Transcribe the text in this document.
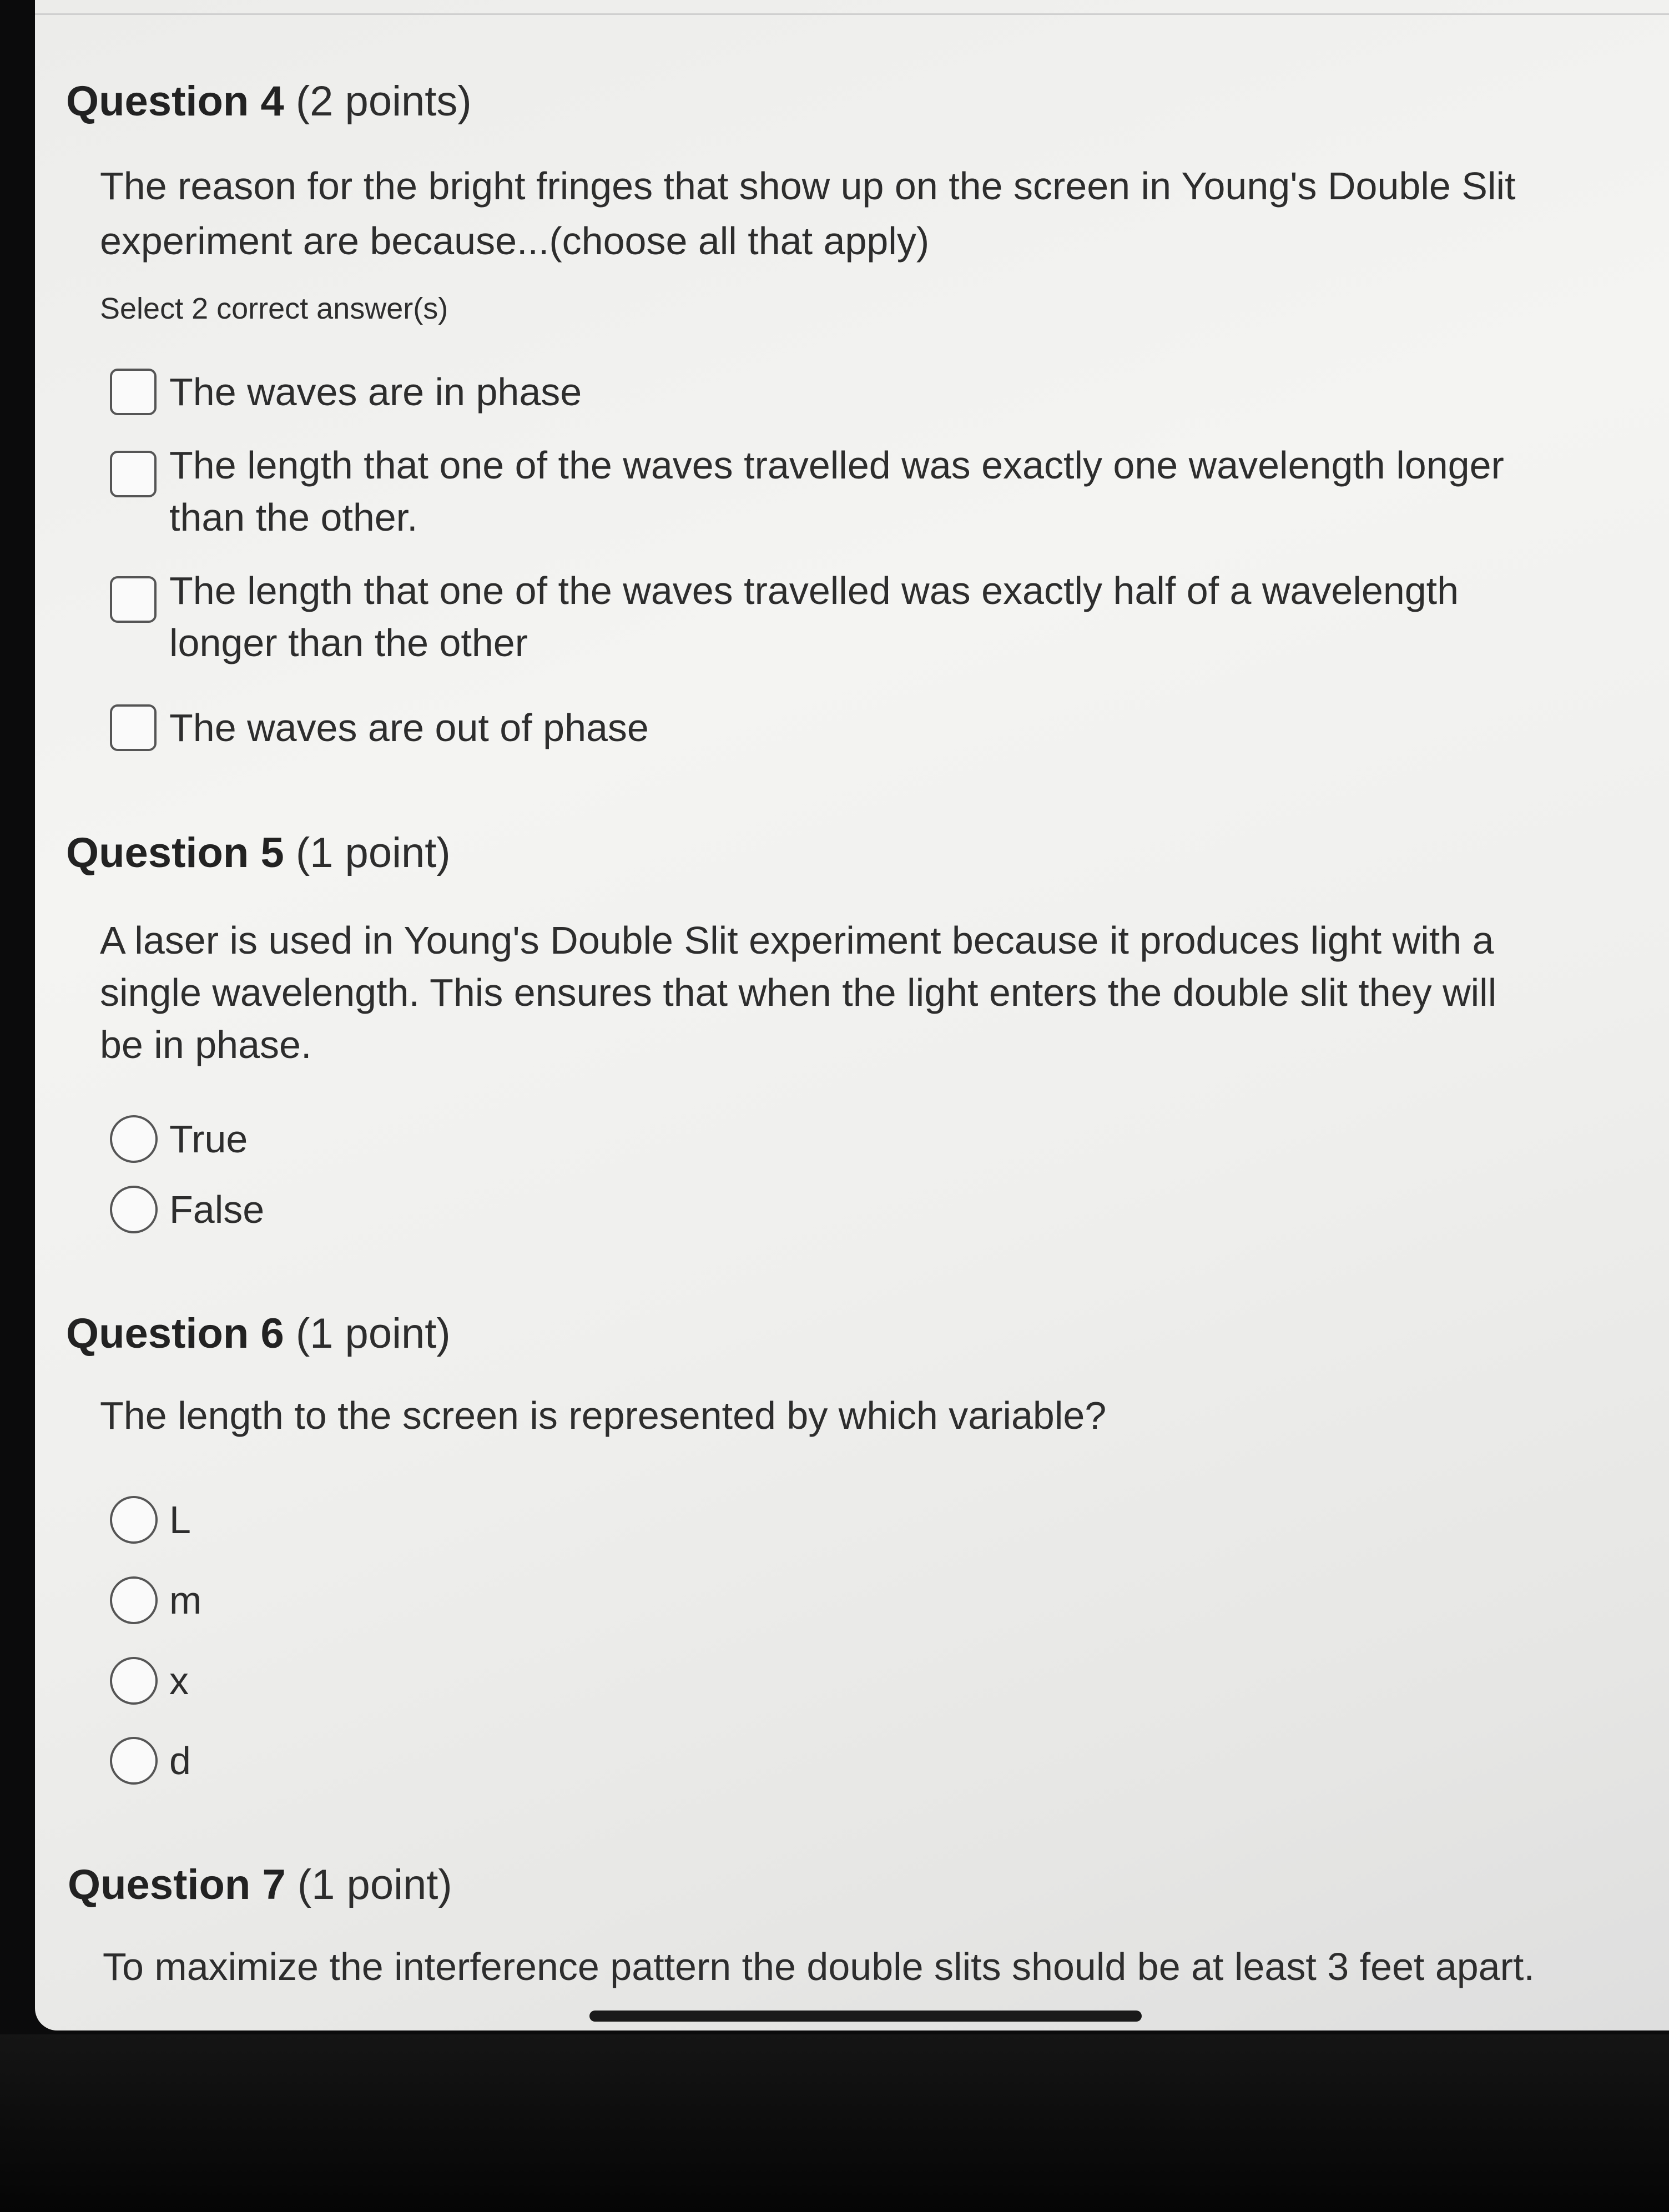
Question 4 (2 points)
The reason for the bright fringes that show up on the screen in Young's Double Slit
experiment are because...(choose all that apply)
Select 2 correct answer(s)
The waves are in phase
The length that one of the waves travelled was exactly one wavelength longer
than the other.
The length that one of the waves travelled was exactly half of a wavelength
longer than the other
The waves are out of phase
Question 5 (1 point)
A laser is used in Young's Double Slit experiment because it produces light with a
single wavelength. This ensures that when the light enters the double slit they will
be in phase.
True
False
Question 6 (1 point)
The length to the screen is represented by which variable?
L
m
x
d
Question 7 (1 point)
To maximize the interference pattern the double slits should be at least 3 feet apart.
